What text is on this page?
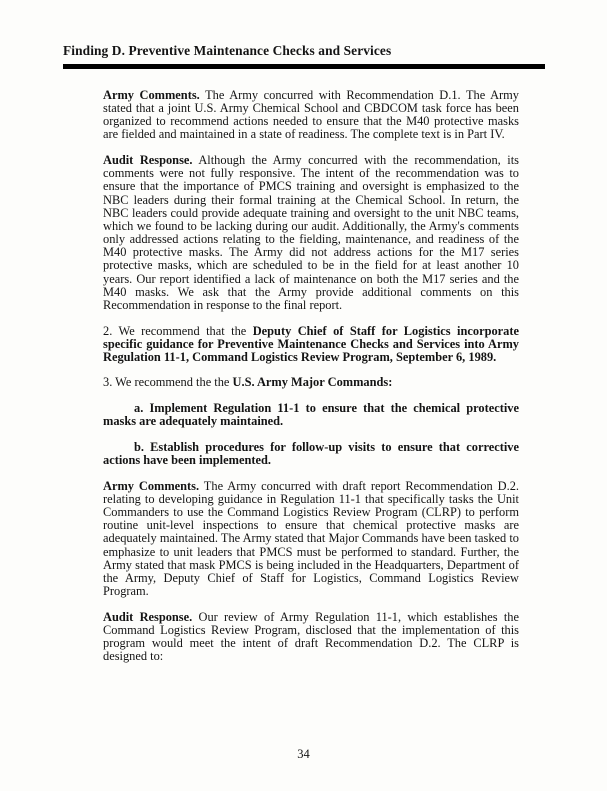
Finding D. Preventive Maintenance Checks and Services
Army Comments. The Army concurred with Recommendation D.1. The Army stated that a joint U.S. Army Chemical School and CBDCOM task force has been organized to recommend actions needed to ensure that the M40 protective masks are fielded and maintained in a state of readiness. The complete text is in Part IV.
Audit Response. Although the Army concurred with the recommendation, its comments were not fully responsive. The intent of the recommendation was to ensure that the importance of PMCS training and oversight is emphasized to the NBC leaders during their formal training at the Chemical School. In return, the NBC leaders could provide adequate training and oversight to the unit NBC teams, which we found to be lacking during our audit. Additionally, the Army's comments only addressed actions relating to the fielding, maintenance, and readiness of the M40 protective masks. The Army did not address actions for the M17 series protective masks, which are scheduled to be in the field for at least another 10 years. Our report identified a lack of maintenance on both the M17 series and the M40 masks. We ask that the Army provide additional comments on this Recommendation in response to the final report.
2. We recommend that the Deputy Chief of Staff for Logistics incorporate specific guidance for Preventive Maintenance Checks and Services into Army Regulation 11-1, Command Logistics Review Program, September 6, 1989.
3. We recommend the the U.S. Army Major Commands:
a. Implement Regulation 11-1 to ensure that the chemical protective masks are adequately maintained.
b. Establish procedures for follow-up visits to ensure that corrective actions have been implemented.
Army Comments. The Army concurred with draft report Recommendation D.2. relating to developing guidance in Regulation 11-1 that specifically tasks the Unit Commanders to use the Command Logistics Review Program (CLRP) to perform routine unit-level inspections to ensure that chemical protective masks are adequately maintained. The Army stated that Major Commands have been tasked to emphasize to unit leaders that PMCS must be performed to standard. Further, the Army stated that mask PMCS is being included in the Headquarters, Department of the Army, Deputy Chief of Staff for Logistics, Command Logistics Review Program.
Audit Response. Our review of Army Regulation 11-1, which establishes the Command Logistics Review Program, disclosed that the implementation of this program would meet the intent of draft Recommendation D.2. The CLRP is designed to:
34
